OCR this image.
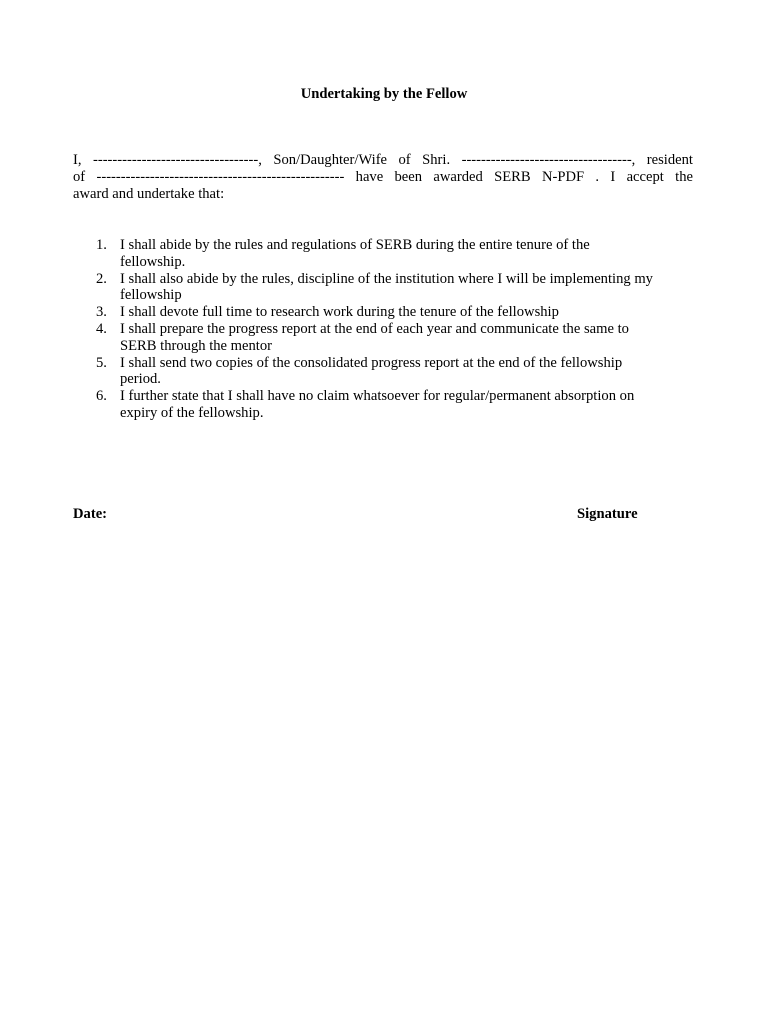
Undertaking by the Fellow
I, ----------------------------------, Son/Daughter/Wife of Shri. -----------------------------------, resident
of --------------------------------------------------- have been awarded SERB N-PDF . I accept the
award and undertake that:
1. I shall abide by the rules and regulations of SERB during the entire tenure of the
fellowship.
2. I shall also abide by the rules, discipline of the institution where I will be implementing my
fellowship
3. I shall devote full time to research work during the tenure of the fellowship
4. I shall prepare the progress report at the end of each year and communicate the same to
SERB through the mentor
5. I shall send two copies of the consolidated progress report at the end of the fellowship
period.
6. I further state that I shall have no claim whatsoever for regular/permanent absorption on
expiry of the fellowship.
Date:	Signature
